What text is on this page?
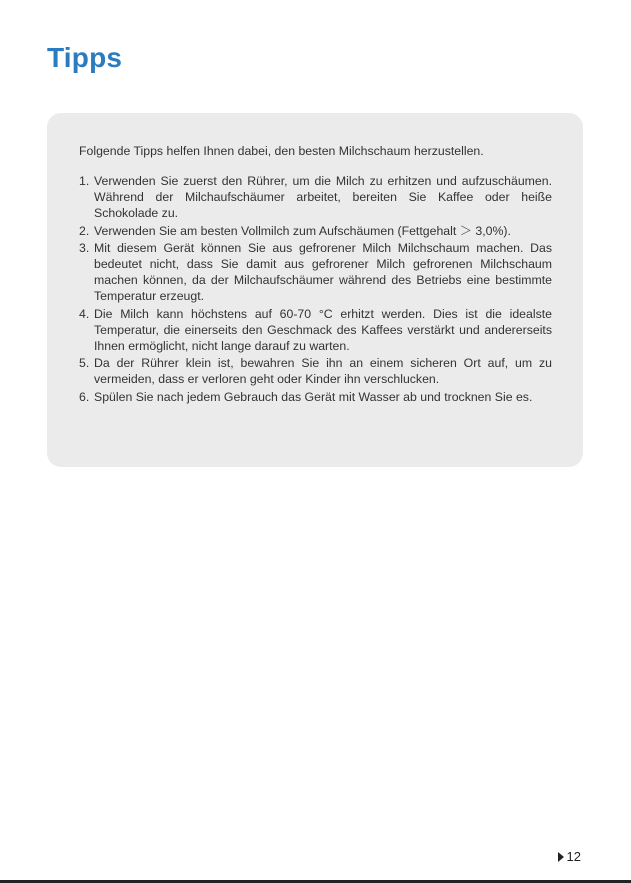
Tipps

Folgende Tipps helfen Ihnen dabei, den besten Milchschaum herzustellen.

1. Verwenden Sie zuerst den Rührer, um die Milch zu erhitzen und aufzuschäumen. Während der Milchaufschäumer arbeitet, bereiten Sie Kaffee oder heiße Schokolade zu.
2. Verwenden Sie am besten Vollmilch zum Aufschäumen (Fettgehalt ＞ 3,0%).
3. Mit diesem Gerät können Sie aus gefrorener Milch Milchschaum machen. Das bedeutet nicht, dass Sie damit aus gefrorener Milch gefrorenen Milchschaum machen können, da der Milchaufschäumer während des Betriebs eine bestimmte Temperatur erzeugt.
4. Die Milch kann höchstens auf 60-70 °C erhitzt werden. Dies ist die idealste Temperatur, die einerseits den Geschmack des Kaffees verstärkt und andererseits Ihnen ermöglicht, nicht lange darauf zu warten.
5. Da der Rührer klein ist, bewahren Sie ihn an einem sicheren Ort auf, um zu vermeiden, dass er verloren geht oder Kinder ihn verschlucken.
6. Spülen Sie nach jedem Gebrauch das Gerät mit Wasser ab und trocknen Sie es.
12
